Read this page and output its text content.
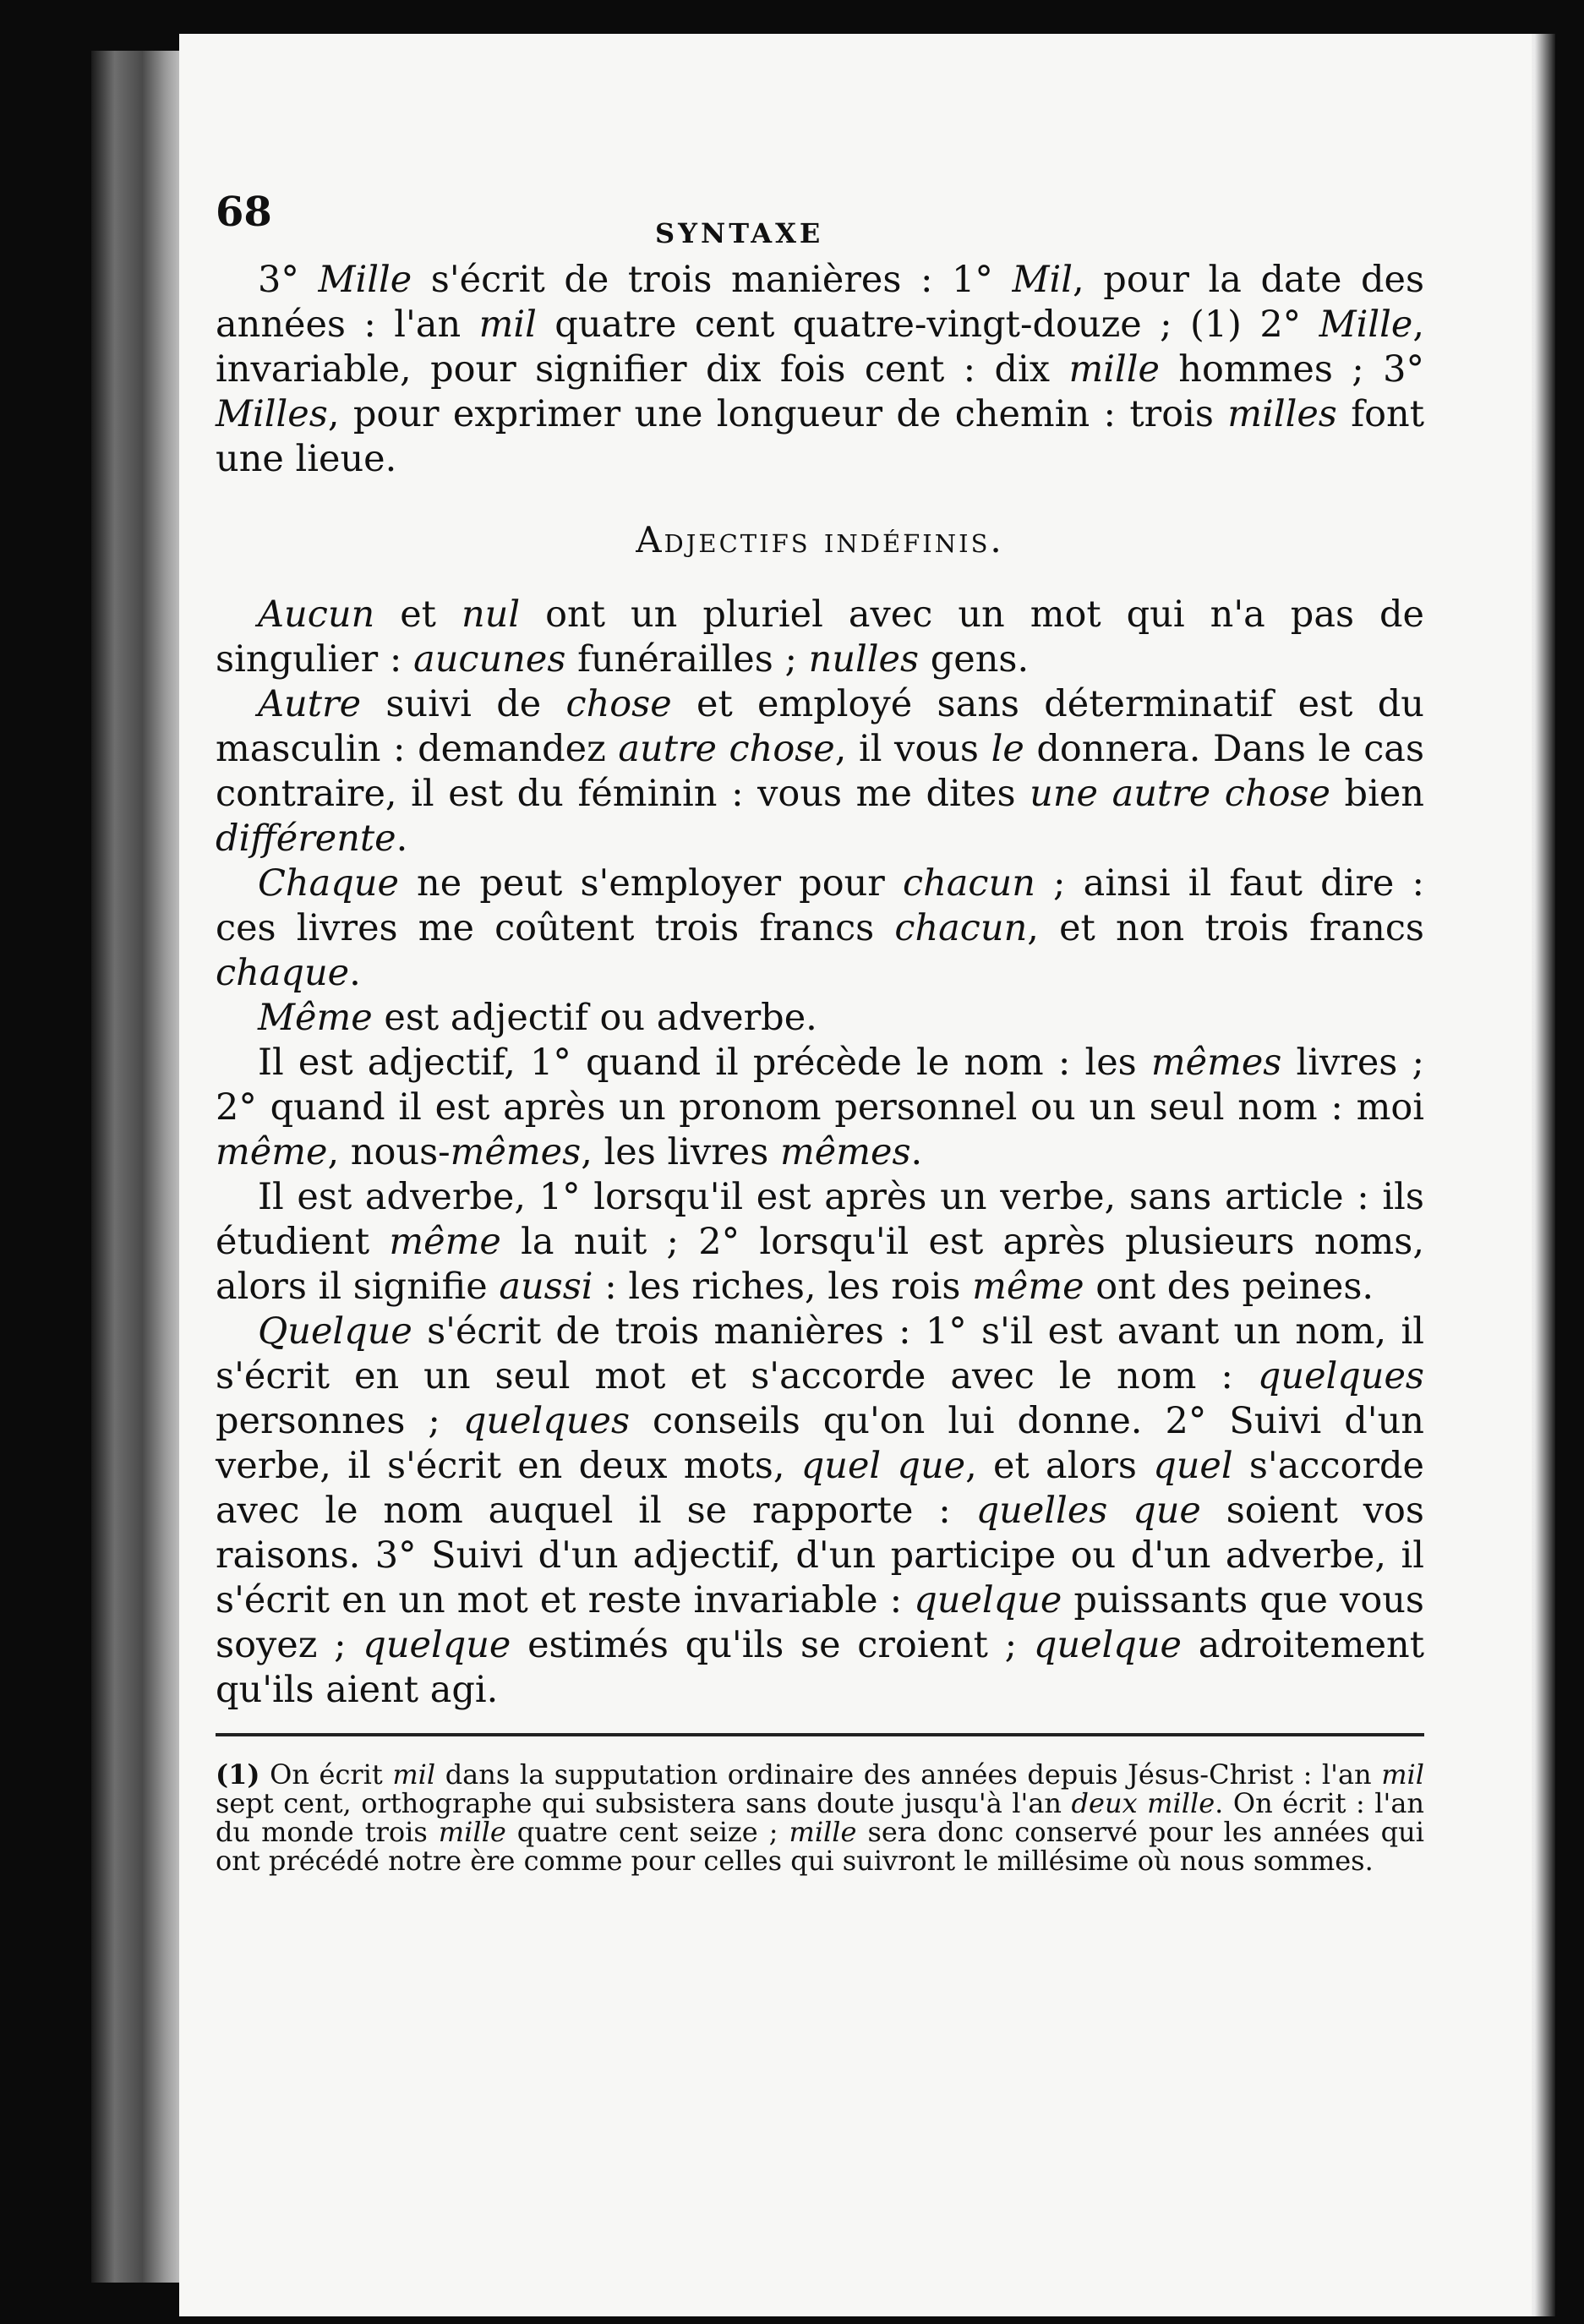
68	SYNTAXE

3° Mille s'écrit de trois manières : 1° Mil, pour la date des années : l'an mil quatre cent quatre-vingt-douze ; (1) 2° Mille, invariable, pour signifier dix fois cent : dix mille hommes ; 3° Milles, pour exprimer une longueur de chemin : trois milles font une lieue.

Adjectifs indéfinis.

Aucun et nul ont un pluriel avec un mot qui n'a pas de singulier : aucunes funérailles ; nulles gens.

Autre suivi de chose et employé sans déterminatif est du masculin : demandez autre chose, il vous le donnera. Dans le cas contraire, il est du féminin : vous me dites une autre chose bien différente.

Chaque ne peut s'employer pour chacun ; ainsi il faut dire : ces livres me coûtent trois francs chacun, et non trois francs chaque.

Même est adjectif ou adverbe.

Il est adjectif, 1° quand il précède le nom : les mêmes livres ; 2° quand il est après un pronom personnel ou un seul nom : moi même, nous-mêmes, les livres mêmes.

Il est adverbe, 1° lorsqu'il est après un verbe, sans article : ils étudient même la nuit ; 2° lorsqu'il est après plusieurs noms, alors il signifie aussi : les riches, les rois même ont des peines.

Quelque s'écrit de trois manières : 1° s'il est avant un nom, il s'écrit en un seul mot et s'accorde avec le nom : quelques personnes ; quelques conseils qu'on lui donne. 2° Suivi d'un verbe, il s'écrit en deux mots, quel que, et alors quel s'accorde avec le nom auquel il se rapporte : quelles que soient vos raisons. 3° Suivi d'un adjectif, d'un participe ou d'un adverbe, il s'écrit en un mot et reste invariable : quelque puissants que vous soyez ; quelque estimés qu'ils se croient ; quelque adroitement qu'ils aient agi.

(1) On écrit mil dans la supputation ordinaire des années depuis Jésus-Christ : l'an mil sept cent, orthographe qui subsistera sans doute jusqu'à l'an deux mille. On écrit : l'an du monde trois mille quatre cent seize ; mille sera donc conservé pour les années qui ont précédé notre ère comme pour celles qui suivront le millésime où nous sommes.
